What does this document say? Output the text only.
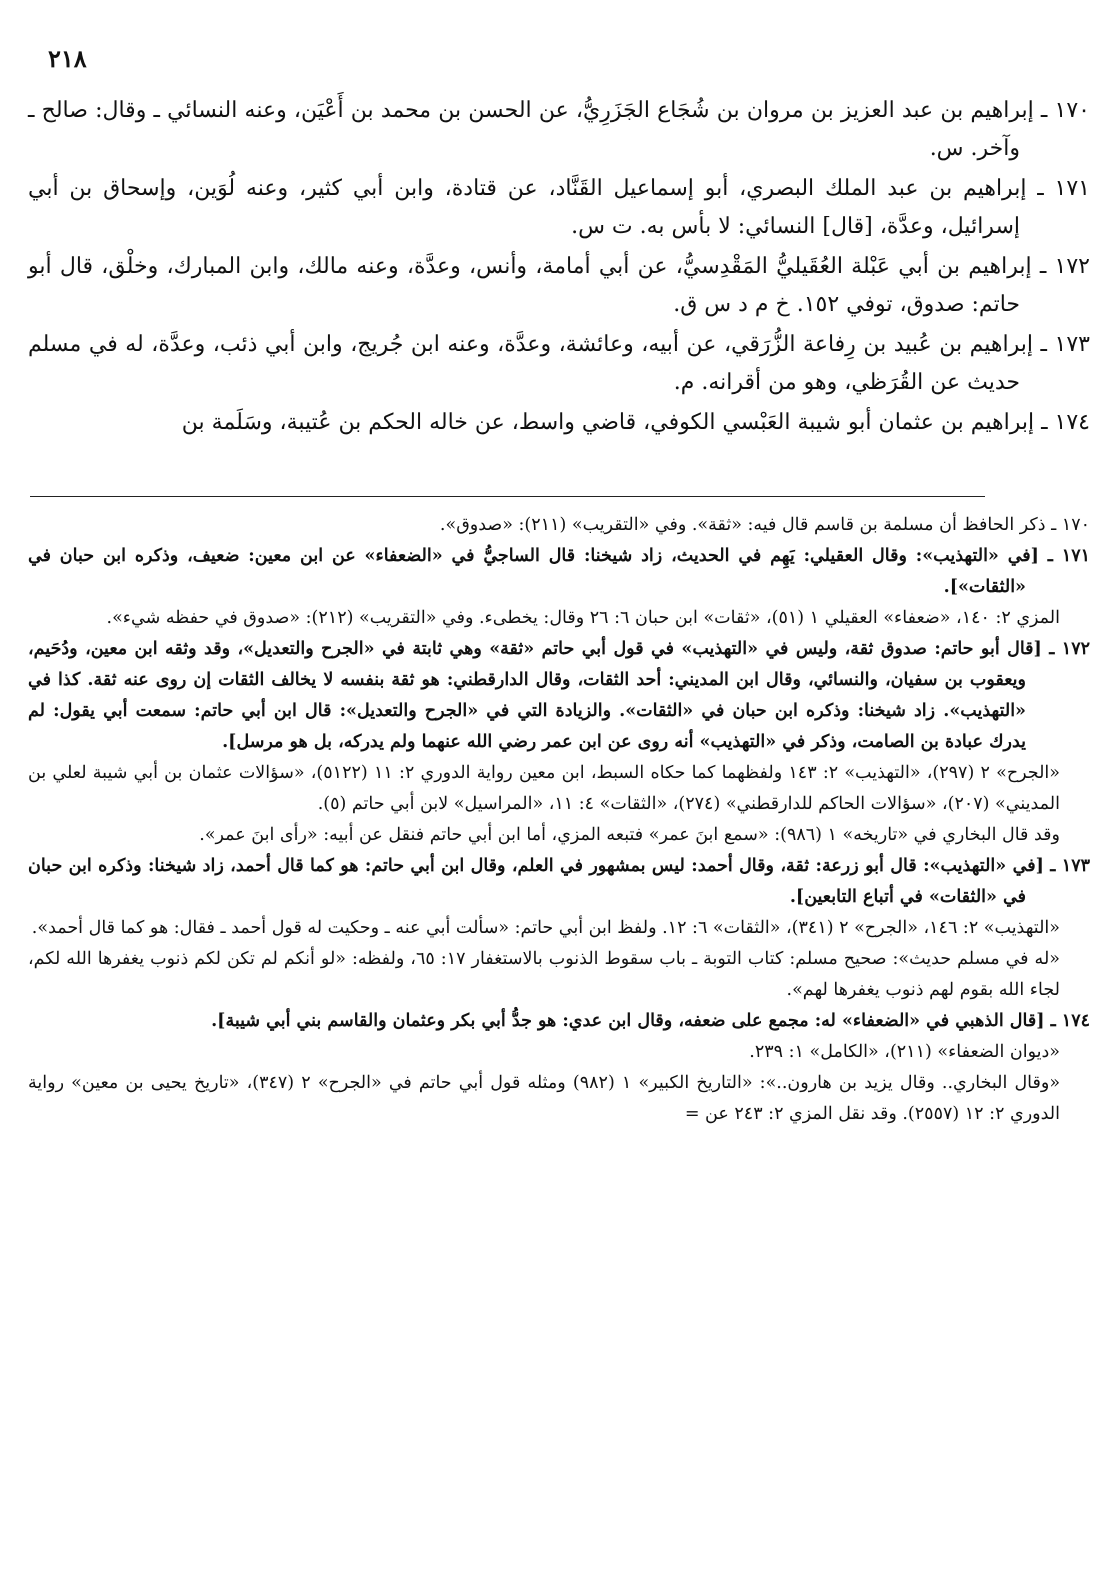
٢١٨

١٧٠ ـ إبراهيم بن عبد العزيز بن مروان بن شُجَاع الجَزَرِيُّ، عن الحسن بن محمد بن أَعْيَن، وعنه النسائي ـ وقال: صالح ـ وآخر. س.

١٧١ ـ إبراهيم بن عبد الملك البصري، أبو إسماعيل القَنَّاد، عن قتادة، وابن أبي كثير، وعنه لُوَين، وإسحاق بن أبي إسرائيل، وعدَّة، [قال] النسائي: لا بأس به. ت س.

١٧٢ ـ إبراهيم بن أبي عَبْلة العُقَيليُّ المَقْدِسيُّ، عن أبي أمامة، وأنس، وعدَّة، وعنه مالك، وابن المبارك، وخلْق، قال أبو حاتم: صدوق، توفي ١٥٢. خ م د س ق.

١٧٣ ـ إبراهيم بن عُبيد بن رِفاعة الزُّرَقي، عن أبيه، وعائشة، وعدَّة، وعنه ابن جُريج، وابن أبي ذئب، وعدَّة، له في مسلم حديث عن القُرَظي، وهو من أقرانه. م.

١٧٤ ـ إبراهيم بن عثمان أبو شيبة العَبْسي الكوفي، قاضي واسط، عن خاله الحكم بن عُتيبة، وسَلَمة بن

١٧٠ ـ ذكر الحافظ أن مسلمة بن قاسم قال فيه: «ثقة». وفي «التقريب» (٢١١): «صدوق».

١٧١ ـ [في «التهذيب»: وقال العقيلي: يَهِم في الحديث، زاد شيخنا: قال الساجيُّ في «الضعفاء» عن ابن معين: ضعيف، وذكره ابن حبان في «الثقات»].

المزي ٢: ١٤٠، «ضعفاء» العقيلي ١ (٥١)، «ثقات» ابن حبان ٦: ٢٦ وقال: يخطىء. وفي «التقريب» (٢١٢): «صدوق في حفظه شيء».

١٧٢ ـ [قال أبو حاتم: صدوق ثقة، وليس في «التهذيب» في قول أبي حاتم «ثقة» وهي ثابتة في «الجرح والتعديل»، وقد وثقه ابن معين، ودُحَيم، ويعقوب بن سفيان، والنسائي، وقال ابن المديني: أحد الثقات، وقال الدارقطني: هو ثقة بنفسه لا يخالف الثقات إن روى عنه ثقة. كذا في «التهذيب». زاد شيخنا: وذكره ابن حبان في «الثقات». والزيادة التي في «الجرح والتعديل»: قال ابن أبي حاتم: سمعت أبي يقول: لم يدرك عبادة بن الصامت، وذكر في «التهذيب» أنه روى عن ابن عمر رضي الله عنهما ولم يدركه، بل هو مرسل].

«الجرح» ٢ (٢٩٧)، «التهذيب» ٢: ١٤٣ ولفظهما كما حكاه السبط، ابن معين رواية الدوري ٢: ١١ (٥١٢٢)، «سؤالات عثمان بن أبي شيبة لعلي بن المديني» (٢٠٧)، «سؤالات الحاكم للدارقطني» (٢٧٤)، «الثقات» ٤: ١١، «المراسيل» لابن أبي حاتم (٥).

وقد قال البخاري في «تاريخه» ١ (٩٨٦): «سمع ابنَ عمر» فتبعه المزي، أما ابن أبي حاتم فنقل عن أبيه: «رأى ابنَ عمر».

١٧٣ ـ [في «التهذيب»: قال أبو زرعة: ثقة، وقال أحمد: ليس بمشهور في العلم، وقال ابن أبي حاتم: هو كما قال أحمد، زاد شيخنا: وذكره ابن حبان في «الثقات» في أتباع التابعين].

«التهذيب» ٢: ١٤٦، «الجرح» ٢ (٣٤١)، «الثقات» ٦: ١٢. ولفظ ابن أبي حاتم: «سألت أبي عنه ـ وحكيت له قول أحمد ـ فقال: هو كما قال أحمد».

«له في مسلم حديث»: صحيح مسلم: كتاب التوبة ـ باب سقوط الذنوب بالاستغفار ١٧: ٦٥، ولفظه: «لو أنكم لم تكن لكم ذنوب يغفرها الله لكم، لجاء الله بقوم لهم ذنوب يغفرها لهم».

١٧٤ ـ [قال الذهبي في «الضعفاء» له: مجمع على ضعفه، وقال ابن عدي: هو جدُّ أبي بكر وعثمان والقاسم بني أبي شيبة].

«ديوان الضعفاء» (٢١١)، «الكامل» ١: ٢٣٩.

«وقال البخاري.. وقال يزيد بن هارون..»: «التاريخ الكبير» ١ (٩٨٢) ومثله قول أبي حاتم في «الجرح» ٢ (٣٤٧)، «تاريخ يحيى بن معين» رواية الدوري ٢: ١٢ (٢٥٥٧). وقد نقل المزي ٢: ٢٤٣ عن =
